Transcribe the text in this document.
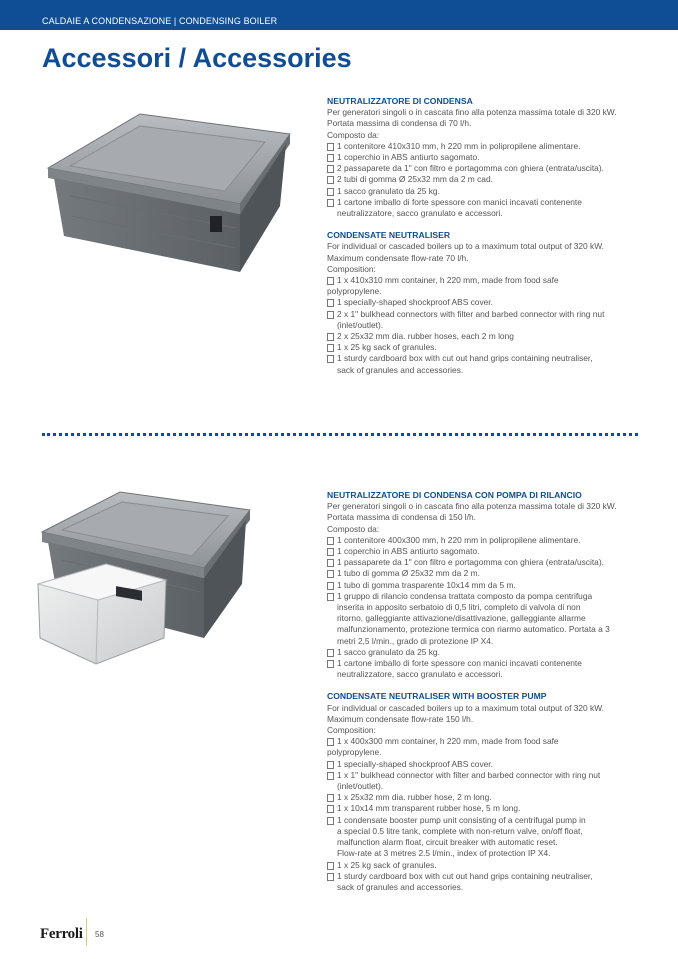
CALDAIE A CONDENSAZIONE | CONDENSING BOILER
Accessori / Accessories
NEUTRALIZZATORE DI CONDENSA
Per generatori singoli o in cascata fino alla potenza massima totale di 320 kW.
Portata massima di condensa di 70 l/h.
Composto da:
1 contenitore 410x310 mm, h 220 mm in polipropilene alimentare.
1 coperchio in ABS antiurto sagomato.
2 passaparete da 1" con filtro e portagomma con ghiera (entrata/uscita).
2 tubi di gomma Ø 25x32 mm da 2 m cad.
1 sacco granulato da 25 kg.
1 cartone imballo di forte spessore con manici incavati contenente
neutralizzatore, sacco granulato e accessori.
CONDENSATE NEUTRALISER
For individual or cascaded boilers up to a maximum total output of 320 kW.
Maximum condensate flow-rate 70 l/h.
Composition:
1 x 410x310 mm container, h 220 mm, made from food safe
polypropylene.
1 specially-shaped shockproof ABS cover.
2 x 1" bulkhead connectors with filter and barbed connector with ring nut
(inlet/outlet).
2 x 25x32 mm dia. rubber hoses, each 2 m long
1 x 25 kg sack of granules.
1 sturdy cardboard box with cut out hand grips containing neutraliser,
sack of granules and accessories.
NEUTRALIZZATORE DI CONDENSA CON POMPA DI RILANCIO
Per generatori singoli o in cascata fino alla potenza massima totale di 320 kW.
Portata massima di condensa di 150 l/h.
Composto da:
1 contenitore 400x300 mm, h 220 mm in polipropilene alimentare.
1 coperchio in ABS antiurto sagomato.
1 passaparete da 1" con filtro e portagomma con ghiera (entrata/uscita).
1 tubo di gomma Ø 25x32 mm da 2 m.
1 tubo di gomma trasparente 10x14 mm da 5 m.
1 gruppo di rilancio condensa trattata composto da pompa centrifuga
inserita in apposito serbatoio di 0,5 litri, completo di valvola di non
ritorno, galleggiante attivazione/disattivazione, galleggiante allarme
malfunzionamento, protezione termica con riarmo automatico. Portata a 3
metri 2,5 l/min., grado di protezione IP X4.
1 sacco granulato da 25 kg.
1 cartone imballo di forte spessore con manici incavati contenente
neutralizzatore, sacco granulato e accessori.
CONDENSATE NEUTRALISER WITH BOOSTER PUMP
For individual or cascaded boilers up to a maximum total output of 320 kW.
Maximum condensate flow-rate 150 l/h.
Composition:
1 x 400x300 mm container, h 220 mm, made from food safe
polypropylene.
1 specially-shaped shockproof ABS cover.
1 x 1" bulkhead connector with filter and barbed connector with ring nut
(inlet/outlet).
1 x 25x32 mm dia. rubber hose, 2 m long.
1 x 10x14 mm transparent rubber hose, 5 m long.
1 condensate booster pump unit consisting of a centrifugal pump in
a special 0.5 litre tank, complete with non-return valve, on/off float,
malfunction alarm float, circuit breaker with automatic reset.
Flow-rate at 3 metres 2.5 l/min., index of protection IP X4.
1 x 25 kg sack of granules.
1 sturdy cardboard box with cut out hand grips containing neutraliser,
sack of granules and accessories.
Ferroli 58
